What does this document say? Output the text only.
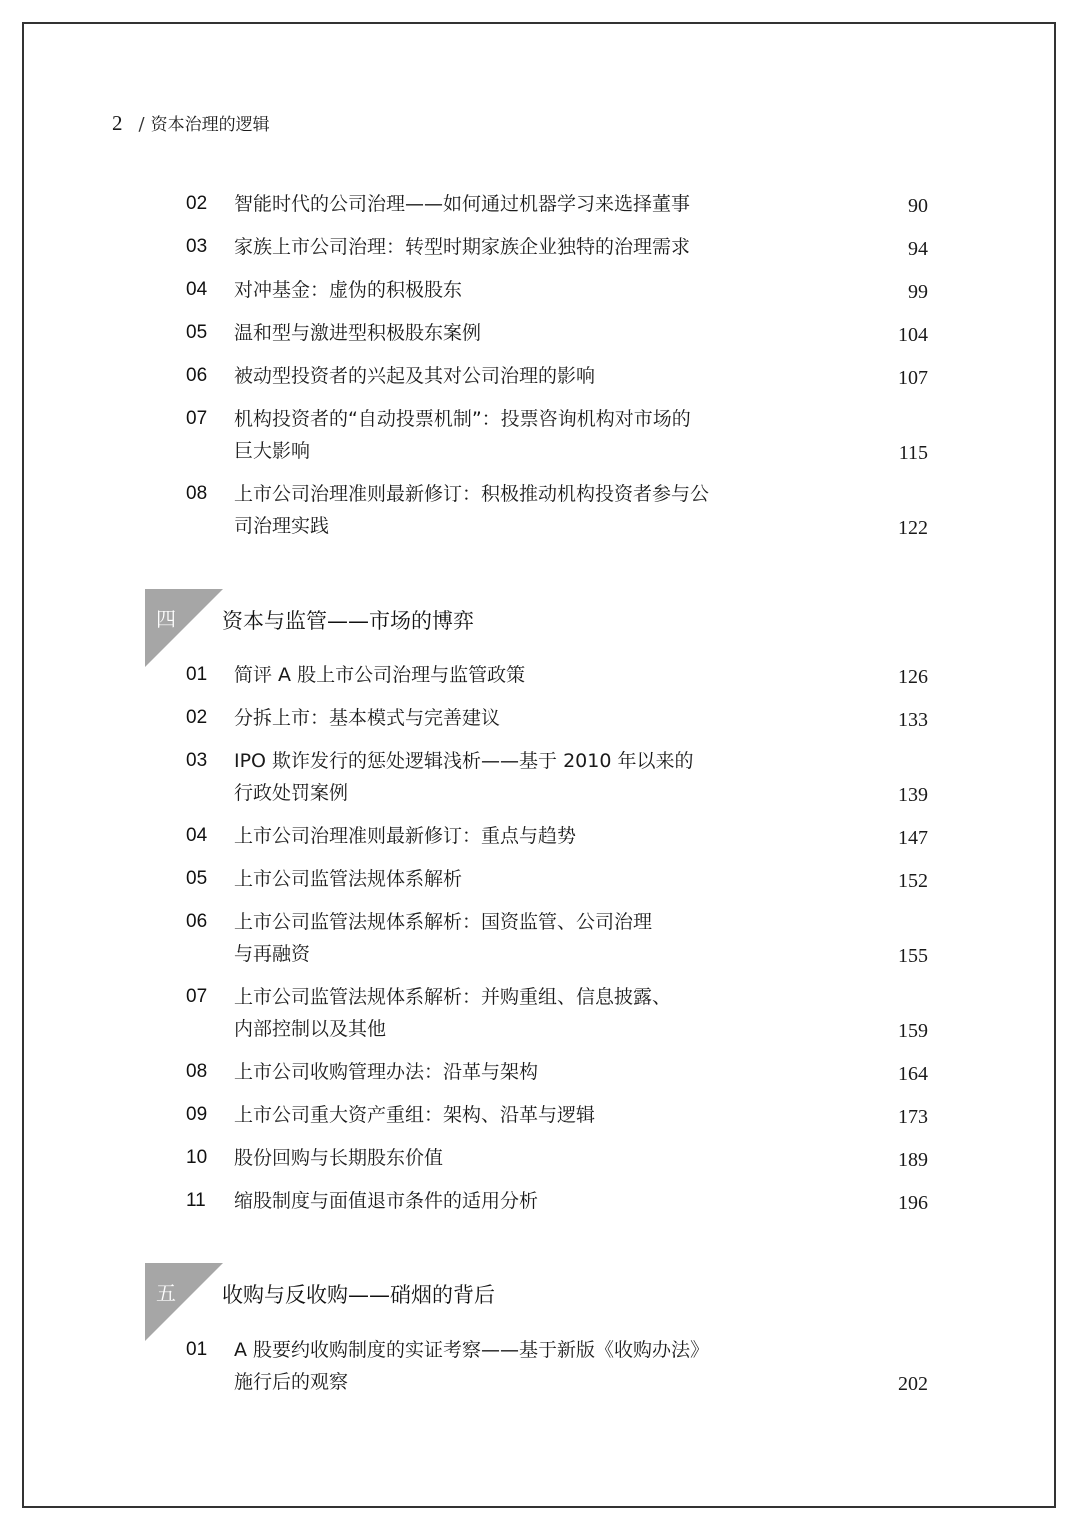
2 / 资本治理的逻辑
02 智能时代的公司治理——如何通过机器学习来选择董事	90
03 家族上市公司治理：转型时期家族企业独特的治理需求	94
04 对冲基金：虚伪的积极股东	99
05 温和型与激进型积极股东案例	104
06 被动型投资者的兴起及其对公司治理的影响	107
07 机构投资者的“自动投票机制”：投票咨询机构对市场的
巨大影响	115
08 上市公司治理准则最新修订：积极推动机构投资者参与公
司治理实践	122
四 资本与监管——市场的博弈
01 简评 A 股上市公司治理与监管政策	126
02 分拆上市：基本模式与完善建议	133
03 IPO 欺诈发行的惩处逻辑浅析——基于 2010 年以来的
行政处罚案例	139
04 上市公司治理准则最新修订：重点与趋势	147
05 上市公司监管法规体系解析	152
06 上市公司监管法规体系解析：国资监管、公司治理
与再融资	155
07 上市公司监管法规体系解析：并购重组、信息披露、
内部控制以及其他	159
08 上市公司收购管理办法：沿革与架构	164
09 上市公司重大资产重组：架构、沿革与逻辑	173
10 股份回购与长期股东价值	189
11 缩股制度与面值退市条件的适用分析	196
五 收购与反收购——硝烟的背后
01 A 股要约收购制度的实证考察——基于新版《收购办法》
施行后的观察	202
